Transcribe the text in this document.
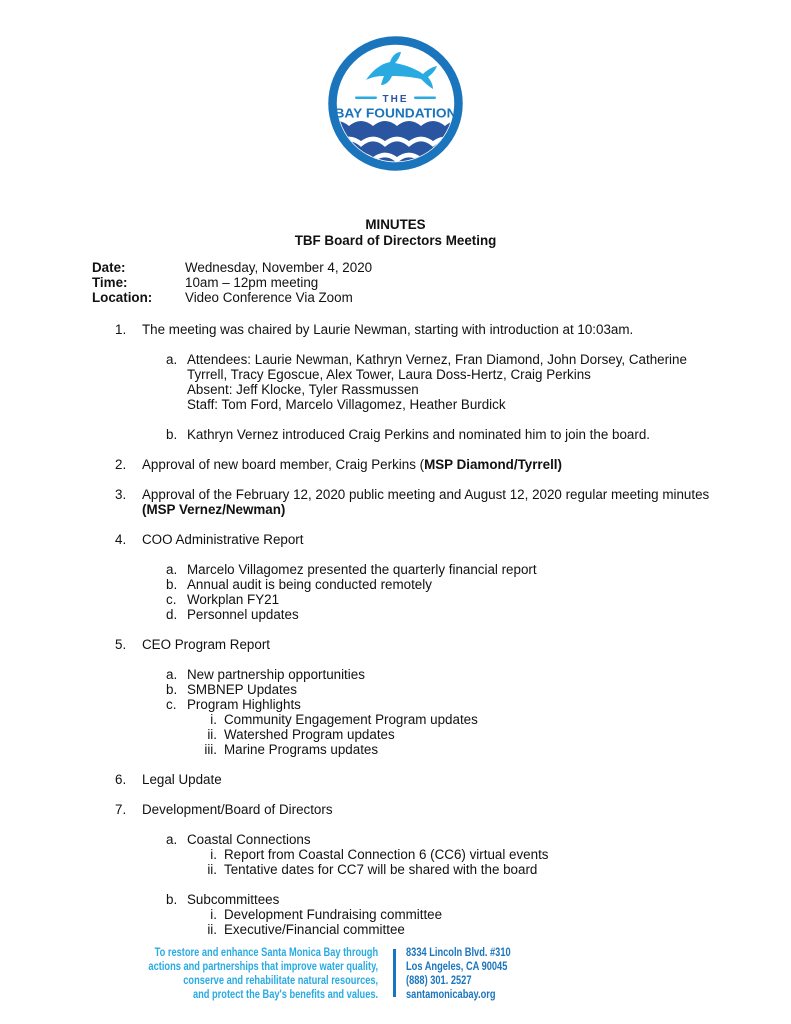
THE
BAY FOUNDATION
MINUTES
TBF Board of Directors Meeting
Date:	Wednesday, November 4, 2020
Time:	10am – 12pm meeting
Location: Video Conference Via Zoom
1.	The meeting was chaired by Laurie Newman, starting with introduction at 10:03am.
a. Attendees: Laurie Newman, Kathryn Vernez, Fran Diamond, John Dorsey, Catherine
Tyrrell, Tracy Egoscue, Alex Tower, Laura Doss-Hertz, Craig Perkins
Absent: Jeff Klocke, Tyler Rassmussen
Staff: Tom Ford, Marcelo Villagomez, Heather Burdick
b. Kathryn Vernez introduced Craig Perkins and nominated him to join the board.
2.	Approval of new board member, Craig Perkins (MSP Diamond/Tyrrell)
3.	Approval of the February 12, 2020 public meeting and August 12, 2020 regular meeting minutes
(MSP Vernez/Newman)
4.	COO Administrative Report
a. Marcelo Villagomez presented the quarterly financial report
b. Annual audit is being conducted remotely
c. Workplan FY21
d. Personnel updates
5.	CEO Program Report
a. New partnership opportunities
b. SMBNEP Updates
c. Program Highlights
i. Community Engagement Program updates
ii. Watershed Program updates
iii. Marine Programs updates
6.	Legal Update
7.	Development/Board of Directors
a. Coastal Connections
i. Report from Coastal Connection 6 (CC6) virtual events
ii. Tentative dates for CC7 will be shared with the board
b. Subcommittees
i. Development Fundraising committee
ii. Executive/Financial committee
To restore and enhance Santa Monica Bay through
actions and partnerships that improve water quality,
conserve and rehabilitate natural resources,
and protect the Bay's benefits and values.
8334 Lincoln Blvd. #310
Los Angeles, CA 90045
(888) 301. 2527
santamonicabay.org
